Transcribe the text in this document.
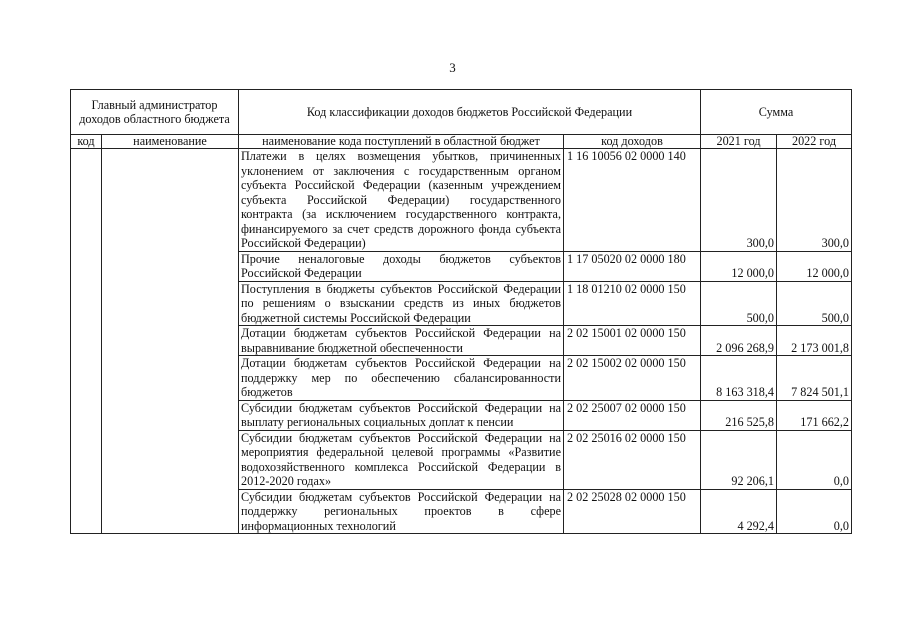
3
Главный администратор доходов областного бюджета		Код классификации доходов бюджетов Российской Федерации		Сумма	
код	наименование	наименование кода поступлений в областной бюджет	код доходов	2021 год	2022 год
		Платежи в целях возмещения убытков, причиненных уклонением от заключения с государственным органом субъекта Российской Федерации (казенным учреждением субъекта Российской Федерации) государственного контракта (за исключением государственного контракта, финансируемого за счет средств дорожного фонда субъекта Российской Федерации)	1 16 10056 02 0000 140	300,0	300,0
		Прочие неналоговые доходы бюджетов субъектов Российской Федерации	1 17 05020 02 0000 180	12 000,0	12 000,0
		Поступления в бюджеты субъектов Российской Федерации по решениям о взыскании средств из иных бюджетов бюджетной системы Российской Федерации	1 18 01210 02 0000 150	500,0	500,0
		Дотации бюджетам субъектов Российской Федерации на выравнивание бюджетной обеспеченности	2 02 15001 02 0000 150	2 096 268,9	2 173 001,8
		Дотации бюджетам субъектов Российской Федерации на поддержку мер по обеспечению сбалансированности бюджетов	2 02 15002 02 0000 150	8 163 318,4	7 824 501,1
		Субсидии бюджетам субъектов Российской Федерации на выплату региональных социальных доплат к пенсии	2 02 25007 02 0000 150	216 525,8	171 662,2
		Субсидии бюджетам субъектов Российской Федерации на мероприятия федеральной целевой программы «Развитие водохозяйственного комплекса Российской Федерации в 2012-2020 годах»	2 02 25016 02 0000 150	92 206,1	0,0
		Субсидии бюджетам субъектов Российской Федерации на поддержку региональных проектов в сфере информационных технологий	2 02 25028 02 0000 150	4 292,4	0,0
